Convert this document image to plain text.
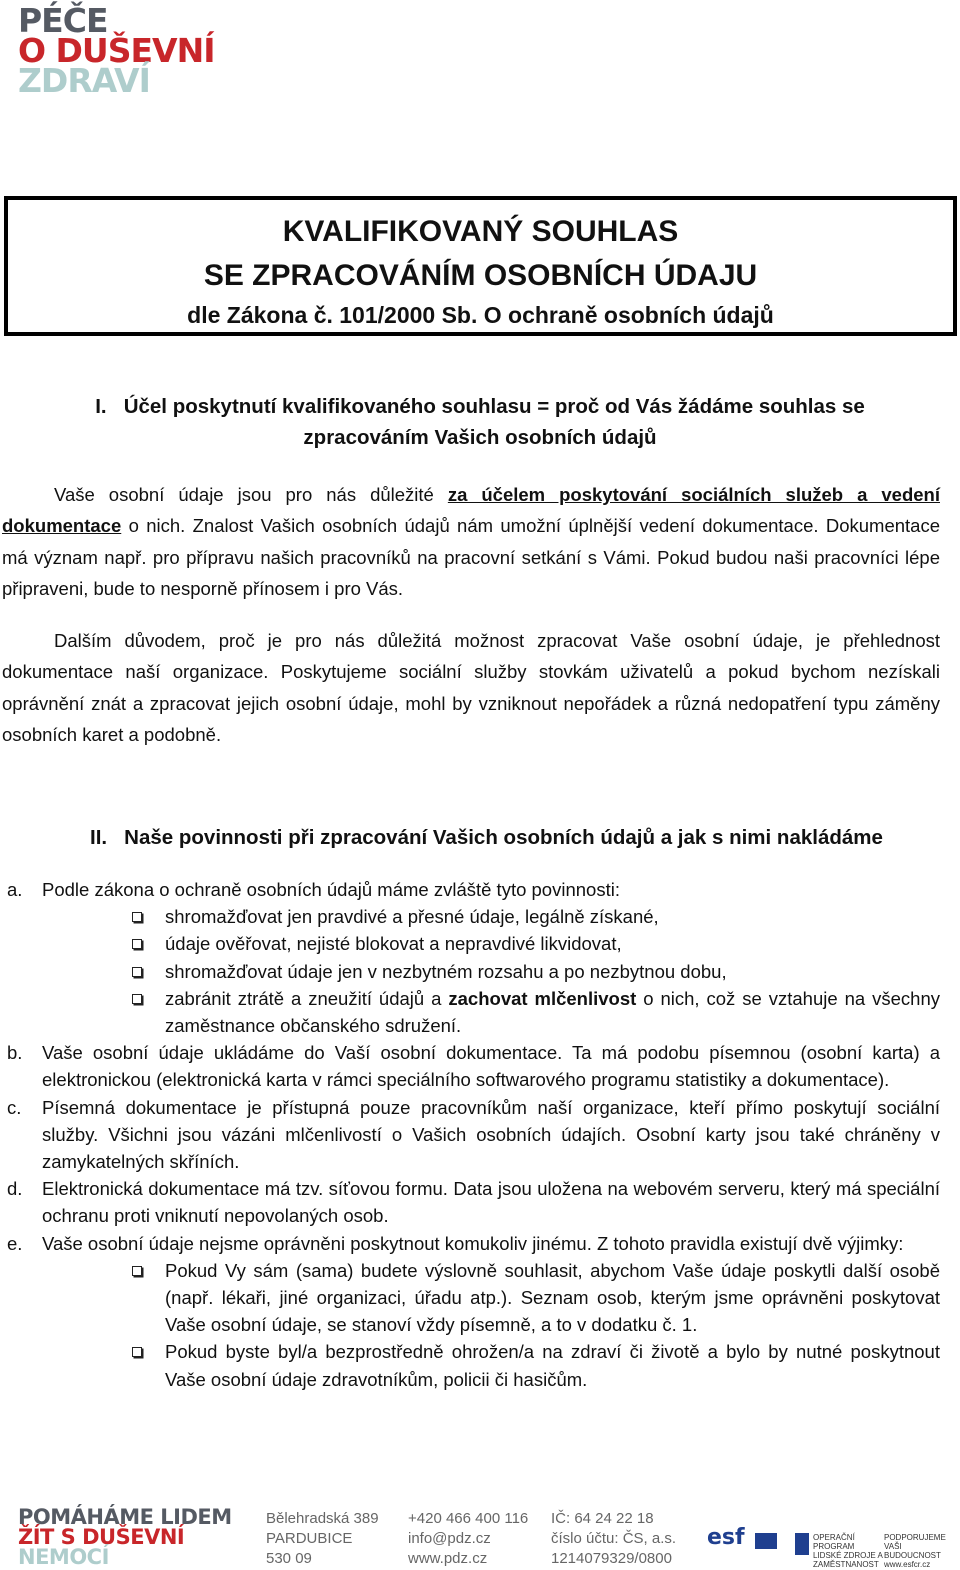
PÉČE
O DUŠEVNÍ
ZDRAVÍ
KVALIFIKOVANÝ SOUHLAS
SE ZPRACOVÁNÍM OSOBNÍCH ÚDAJU
dle Zákona č. 101/2000 Sb. O ochraně osobních údajů
I.   Účel poskytnutí kvalifikovaného souhlasu = proč od Vás žádáme souhlas se
zpracováním Vašich osobních údajů
Vaše osobní údaje jsou pro nás důležité za účelem poskytování sociálních služeb a vedení dokumentace o nich. Znalost Vašich osobních údajů nám umožní úplnější vedení dokumentace. Dokumentace má význam např. pro přípravu našich pracovníků na pracovní setkání s Vámi. Pokud budou naši pracovníci lépe připraveni, bude to nesporně přínosem i pro Vás.
Dalším důvodem, proč je pro nás důležitá možnost zpracovat Vaše osobní údaje, je přehlednost dokumentace naší organizace. Poskytujeme sociální služby stovkám uživatelů a pokud bychom nezískali oprávnění znát a zpracovat jejich osobní údaje, mohl by vzniknout nepořádek a různá nedopatření typu záměny osobních karet a podobně.
II.   Naše povinnosti při zpracování Vašich osobních údajů a jak s nimi nakládáme
a. Podle zákona o ochraně osobních údajů máme zvláště tyto povinnosti:
shromažďovat jen pravdivé a přesné údaje, legálně získané,
údaje ověřovat, nejisté blokovat a nepravdivé likvidovat,
shromažďovat údaje jen v nezbytném rozsahu a po nezbytnou dobu,
zabránit ztrátě a zneužití údajů a zachovat mlčenlivost o nich, což se vztahuje na všechny zaměstnance občanského sdružení.
b. Vaše osobní údaje ukládáme do Vaší osobní dokumentace. Ta má podobu písemnou (osobní karta) a elektronickou (elektronická karta v rámci speciálního softwarového programu statistiky a dokumentace).
c. Písemná dokumentace je přístupná pouze pracovníkům naší organizace, kteří přímo poskytují sociální služby. Všichni jsou vázáni mlčenlivostí o Vašich osobních údajích. Osobní karty jsou také chráněny v zamykatelných skříních.
d. Elektronická dokumentace má tzv. síťovou formu. Data jsou uložena na webovém serveru, který má speciální ochranu proti vniknutí nepovolaných osob.
e. Vaše osobní údaje nejsme oprávněni poskytnout komukoliv jinému. Z tohoto pravidla existují dvě výjimky:
Pokud Vy sám (sama) budete výslovně souhlasit, abychom Vaše údaje poskytli další osobě (např. lékaři, jiné organizaci, úřadu atp.). Seznam osob, kterým jsme oprávněni poskytovat Vaše osobní údaje, se stanoví vždy písemně, a to v dodatku č. 1.
Pokud byste byl/a bezprostředně ohrožen/a na zdraví či životě a bylo by nutné poskytnout Vaše osobní údaje zdravotníkům, policii či hasičům.
POMÁHÁME LIDEM
ŽÍT S DUŠEVNÍ
NEMOCÍ
Bělehradská 389
PARDUBICE
530 09
+420 466 400 116
info@pdz.cz
www.pdz.cz
IČ: 64 24 22 18
číslo účtu: ČS, a.s.
1214079329/0800
esf	OPERAČNÍ PROGRAM LIDSKÉ ZDROJE A ZAMĚSTNANOST
PODPORUJEME VAŠI BUDOUCNOST www.esfcr.cz
